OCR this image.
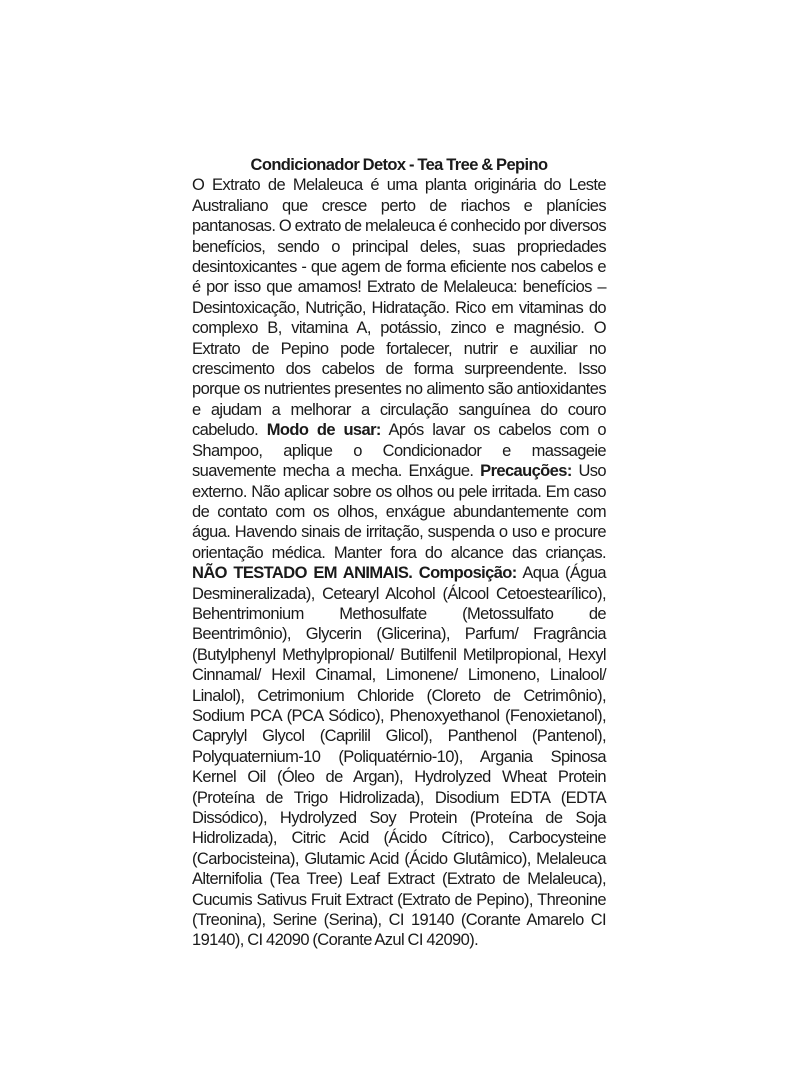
Condicionador Detox - Tea Tree & Pepino

O Extrato de Melaleuca é uma planta originária do Leste Australiano que cresce perto de riachos e planícies pantanosas. O extrato de melaleuca é conhecido por diversos benefícios, sendo o principal deles, suas propriedades desintoxicantes - que agem de forma eficiente nos cabelos e é por isso que amamos! Extrato de Melaleuca: benefícios – Desintoxicação, Nutrição, Hidratação. Rico em vitaminas do complexo B, vitamina A, potássio, zinco e magnésio. O Extrato de Pepino pode fortalecer, nutrir e auxiliar no crescimento dos cabelos de forma surpreendente. Isso porque os nutrientes presentes no alimento são antioxidantes e ajudam a melhorar a circulação sanguínea do couro cabeludo. Modo de usar: Após lavar os cabelos com o Shampoo, aplique o Condicionador e massageie suavemente mecha a mecha. Enxágue. Precauções: Uso externo. Não aplicar sobre os olhos ou pele irritada. Em caso de contato com os olhos, enxágue abundantemente com água. Havendo sinais de irritação, suspenda o uso e procure orientação médica. Manter fora do alcance das crianças. NÃO TESTADO EM ANIMAIS. Composição: Aqua (Água Desmineralizada), Cetearyl Alcohol (Álcool Cetoestearílico), Behentrimonium Methosulfate (Metossulfato de Beentrimônio), Glycerin (Glicerina), Parfum/ Fragrância (Butylphenyl Methylpropional/ Butilfenil Metilpropional, Hexyl Cinnamal/ Hexil Cinamal, Limonene/ Limoneno, Linalool/ Linalol), Cetrimonium Chloride (Cloreto de Cetrimônio), Sodium PCA (PCA Sódico), Phenoxyethanol (Fenoxietanol), Caprylyl Glycol (Caprilil Glicol), Panthenol (Pantenol), Polyquaternium-10 (Poliquatérnio-10), Argania Spinosa Kernel Oil (Óleo de Argan), Hydrolyzed Wheat Protein (Proteína de Trigo Hidrolizada), Disodium EDTA (EDTA Dissódico), Hydrolyzed Soy Protein (Proteína de Soja Hidrolizada), Citric Acid (Ácido Cítrico), Carbocysteine (Carbocisteina), Glutamic Acid (Ácido Glutâmico), Melaleuca Alternifolia (Tea Tree) Leaf Extract (Extrato de Melaleuca), Cucumis Sativus Fruit Extract (Extrato de Pepino), Threonine (Treonina), Serine (Serina), CI 19140 (Corante Amarelo CI 19140), CI 42090 (Corante Azul CI 42090).
